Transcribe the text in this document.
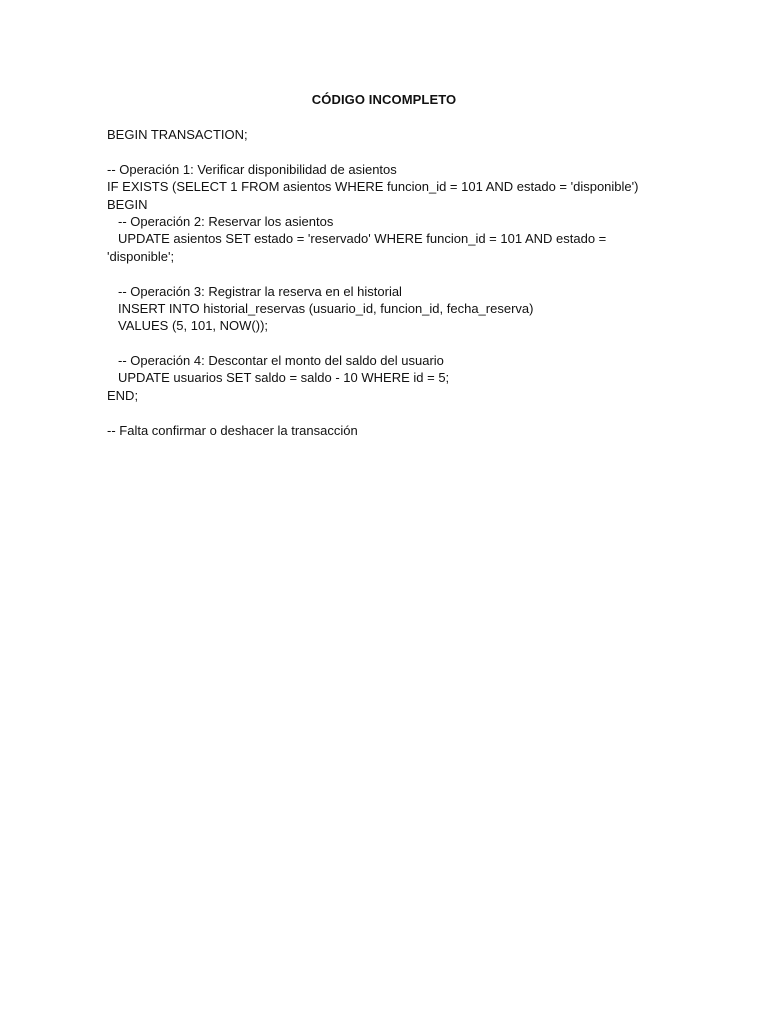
CÓDIGO INCOMPLETO
BEGIN TRANSACTION;
-- Operación 1: Verificar disponibilidad de asientos
IF EXISTS (SELECT 1 FROM asientos WHERE funcion_id = 101 AND estado = 'disponible')
BEGIN
-- Operación 2: Reservar los asientos
UPDATE asientos SET estado = 'reservado' WHERE funcion_id = 101 AND estado =
'disponible';
-- Operación 3: Registrar la reserva en el historial
INSERT INTO historial_reservas (usuario_id, funcion_id, fecha_reserva)
VALUES (5, 101, NOW());
-- Operación 4: Descontar el monto del saldo del usuario
UPDATE usuarios SET saldo = saldo - 10 WHERE id = 5;
END;
-- Falta confirmar o deshacer la transacción
